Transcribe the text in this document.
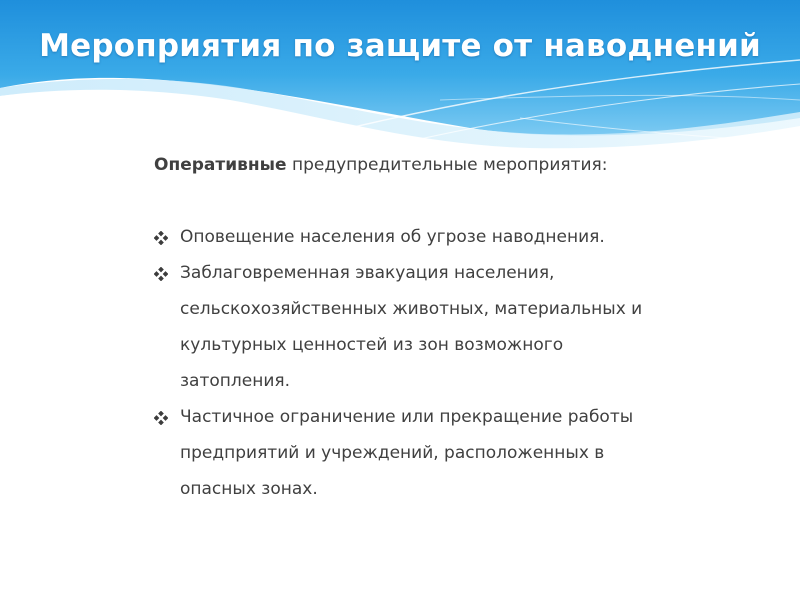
Мероприятия по защите от наводнений

Оперативные предупредительные мероприятия:

Оповещение населения об угрозе наводнения.
Заблаговременная эвакуация населения, сельскохозяйственных животных, материальных и культурных ценностей из зон возможного затопления.
Частичное ограничение или прекращение работы предприятий и учреждений, расположенных в опасных зонах.
